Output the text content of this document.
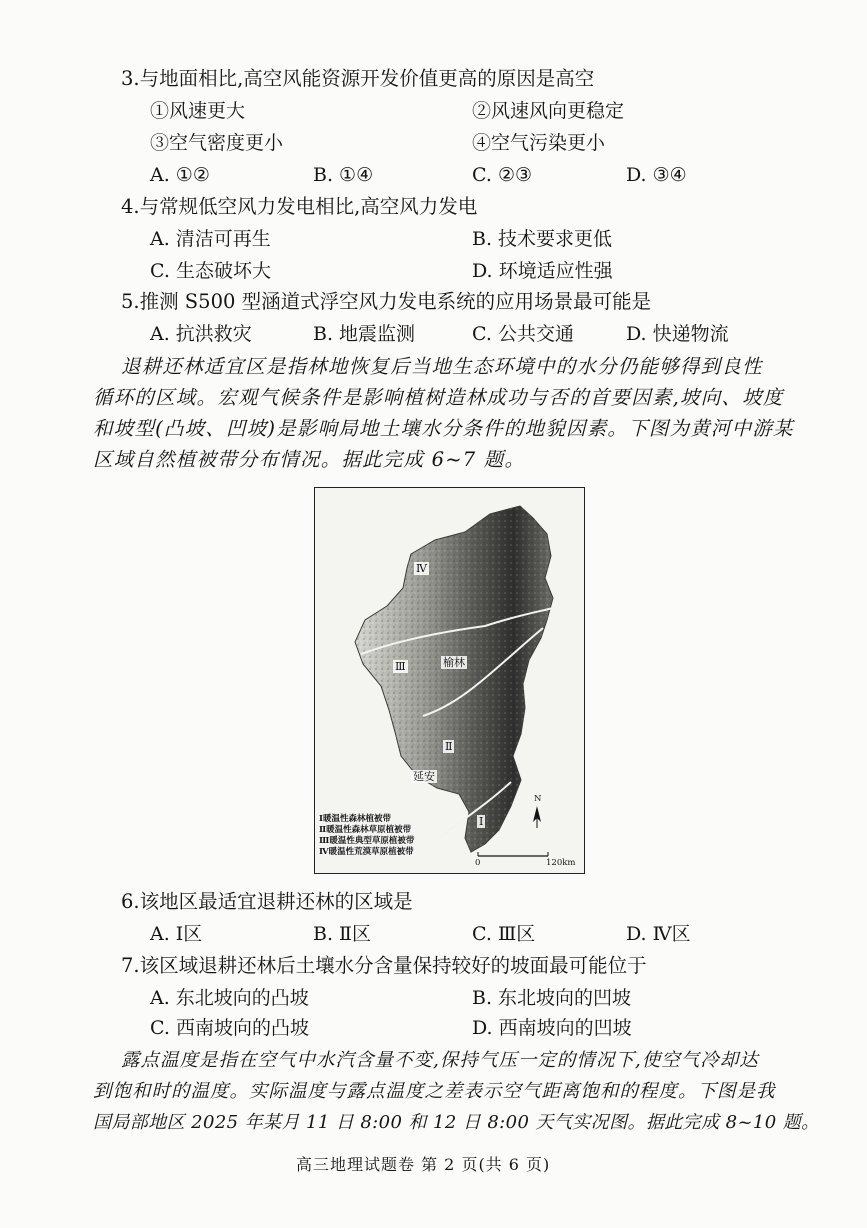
3.与地面相比,高空风能资源开发价值更高的原因是高空
①风速更大	②风速风向更稳定
③空气密度更小	④空气污染更小
A. ①②	B. ①④	C. ②③	D. ③④
4.与常规低空风力发电相比,高空风力发电
A. 清洁可再生	B. 技术要求更低
C. 生态破坏大	D. 环境适应性强
5.推测 S500 型涵道式浮空风力发电系统的应用场景最可能是
A. 抗洪救灾	B. 地震监测	C. 公共交通	D. 快递物流
退耕还林适宜区是指林地恢复后当地生态环境中的水分仍能够得到良性
循环的区域。宏观气候条件是影响植树造林成功与否的首要因素,坡向、坡度
和坡型(凸坡、凹坡)是影响局地土壤水分条件的地貌因素。下图为黄河中游某
区域自然植被带分布情况。据此完成 6~7 题。
Ⅳ
Ⅲ
Ⅱ
Ⅰ
榆林
延安
Ⅰ暖温性森林植被带
Ⅱ暖温性森林草原植被带
Ⅲ暖温性典型草原植被带
Ⅳ暖温性荒漠草原植被带
N
0	120km
6.该地区最适宜退耕还林的区域是
A. Ⅰ区	B. Ⅱ区	C. Ⅲ区	D. Ⅳ区
7.该区域退耕还林后土壤水分含量保持较好的坡面最可能位于
A. 东北坡向的凸坡	B. 东北坡向的凹坡
C. 西南坡向的凸坡	D. 西南坡向的凹坡
露点温度是指在空气中水汽含量不变,保持气压一定的情况下,使空气冷却达
到饱和时的温度。实际温度与露点温度之差表示空气距离饱和的程度。下图是我
国局部地区 2025 年某月 11 日 8:00 和 12 日 8:00 天气实况图。据此完成 8~10 题。
高三地理试题卷 第 2 页(共 6 页)
